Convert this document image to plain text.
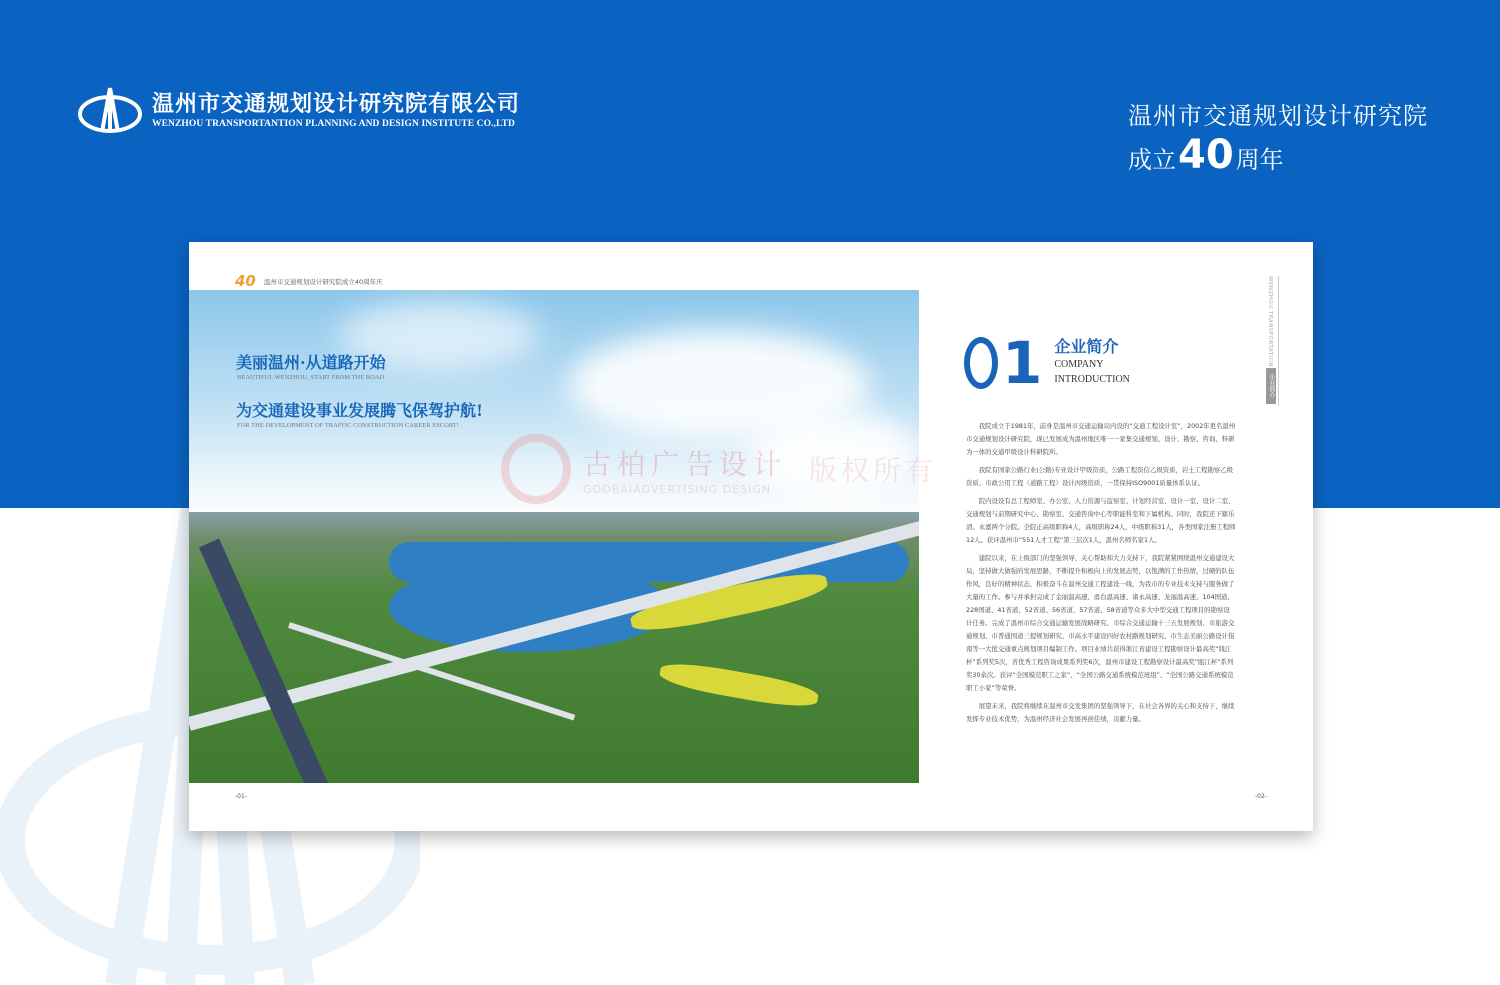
温州市交通规划设计研究院有限公司
WENZHOU TRANSPORTANTION PLANNING AND DESIGN INSTITUTE CO.,LTD	温州市交通规划设计研究院
成立 40 周年
40 温州市交通规划设计研究院成立40周年庆
美丽温州·从道路开始
BEAUTIFUL WENZHOU, START FROM THE ROAD
为交通建设事业发展腾飞保驾护航!
FOR THE DEVELOPMENT OF TRAFFIC CONSTRUCTION CAREER ESCORT!
古柏广告设计
GOOBAIADVERTISING DESIGN
版权所有
1 企业简介
COMPANY
INTRODUCTION

我院成立于1981年，前身是温州市交通运输局内设的“交通工程设计室”，2002年更名温州市交通规划设计研究院，现已发展成为温州地区唯一一家集交通规划、设计、勘察、咨询、科研为一体的交通甲级设计科研院所。

我院有国家公路行业(公路)专业设计甲级资质，公路工程资信乙级资质，岩土工程勘察乙级资质、市政公用工程（道路工程）设计丙级资质，一贯保持ISO9001质量体系认证。

院内设设有总工程师室、办公室、人力资源与监察室、计划经营室、设计一室、设计二室、交通规划与前期研究中心、勘察室、交通咨询中心等职能科室和下属机构。同时，我院还下辖乐清、永嘉两个分院。全院正高级职称4人，高级职称24人，中级职称31人，各类国家注册工程师12人。获评温州市“551人才工程”第三层次1人，温州名师名家1人。

建院以来，在上级部门的坚强领导、关心帮助和大力支持下，我院紧紧围绕温州交通建设大局，坚持做大做强的发展思路，不断提升积极向上的发展态势，以饱满的工作热情，过硬的队伍作风，良好的精神状态，积极奋斗在温州交通工程建设一线，为我市的专业技术支持与服务做了大量的工作。参与并承担完成了金丽温高速、甬台温高速、诸永高速、龙丽温高速、104国道、228国道、41省道、52省道、56省道、57省道、58省道等众多大中型交通工程项目的勘察设计任务。完成了温州市综合交通运输发展战略研究、市综合交通运输十三五发展规划、市旅游交通规划、市普通国道三提规划研究、市高水平建设四好农村路规划研究、市生态美丽公路设计指南等一大批交通重点规划项目编制工作。项目业绩共获得浙江省建设工程勘察设计最高奖“钱江杯”系列奖5次，省优秀工程咨询成果系列奖6次，温州市建设工程勘察设计最高奖“瓯江杯”系列奖30余次。获评“全国模范职工之家”、“全国公路交通系统模范班组”、“全国公路交通系统模范职工小家”等荣誉。

展望未来，我院将继续在温州市交发集团的坚强领导下，在社会各界的关心和支持下，继续发挥专业技术优势，为温州经济社会发展再创佳绩，贡献力量。

WENZHOU TRANSPORTATION
企业简介
-01-	-02-
